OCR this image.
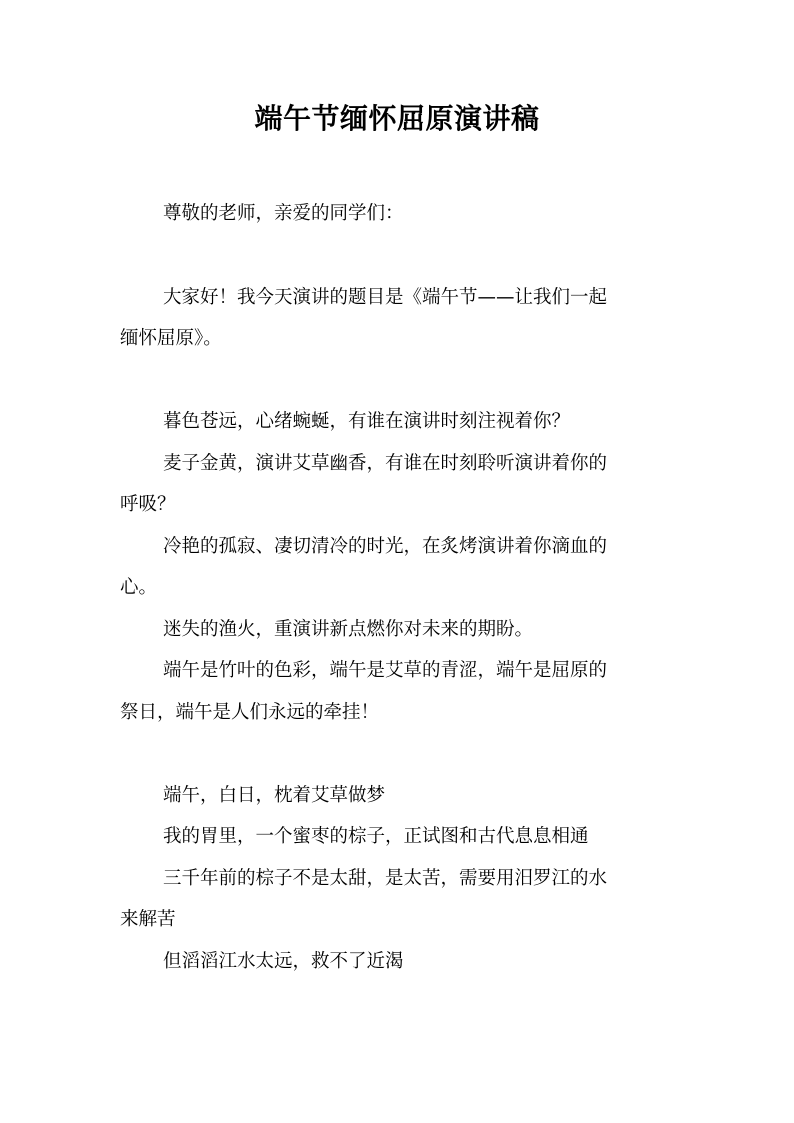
端午节缅怀屈原演讲稿
尊敬的老师，亲爱的同学们：
大家好！我今天演讲的题目是《端午节——让我们一起
缅怀屈原》。
暮色苍远，心绪蜿蜒，有谁在演讲时刻注视着你？
麦子金黄，演讲艾草幽香，有谁在时刻聆听演讲着你的
呼吸？
冷艳的孤寂、凄切清冷的时光，在炙烤演讲着你滴血的
心。
迷失的渔火，重演讲新点燃你对未来的期盼。
端午是竹叶的色彩，端午是艾草的青涩，端午是屈原的
祭日，端午是人们永远的牵挂！
端午，白日，枕着艾草做梦
我的胃里，一个蜜枣的棕子，正试图和古代息息相通
三千年前的棕子不是太甜，是太苦，需要用汨罗江的水
来解苦
但滔滔江水太远，救不了近渴
